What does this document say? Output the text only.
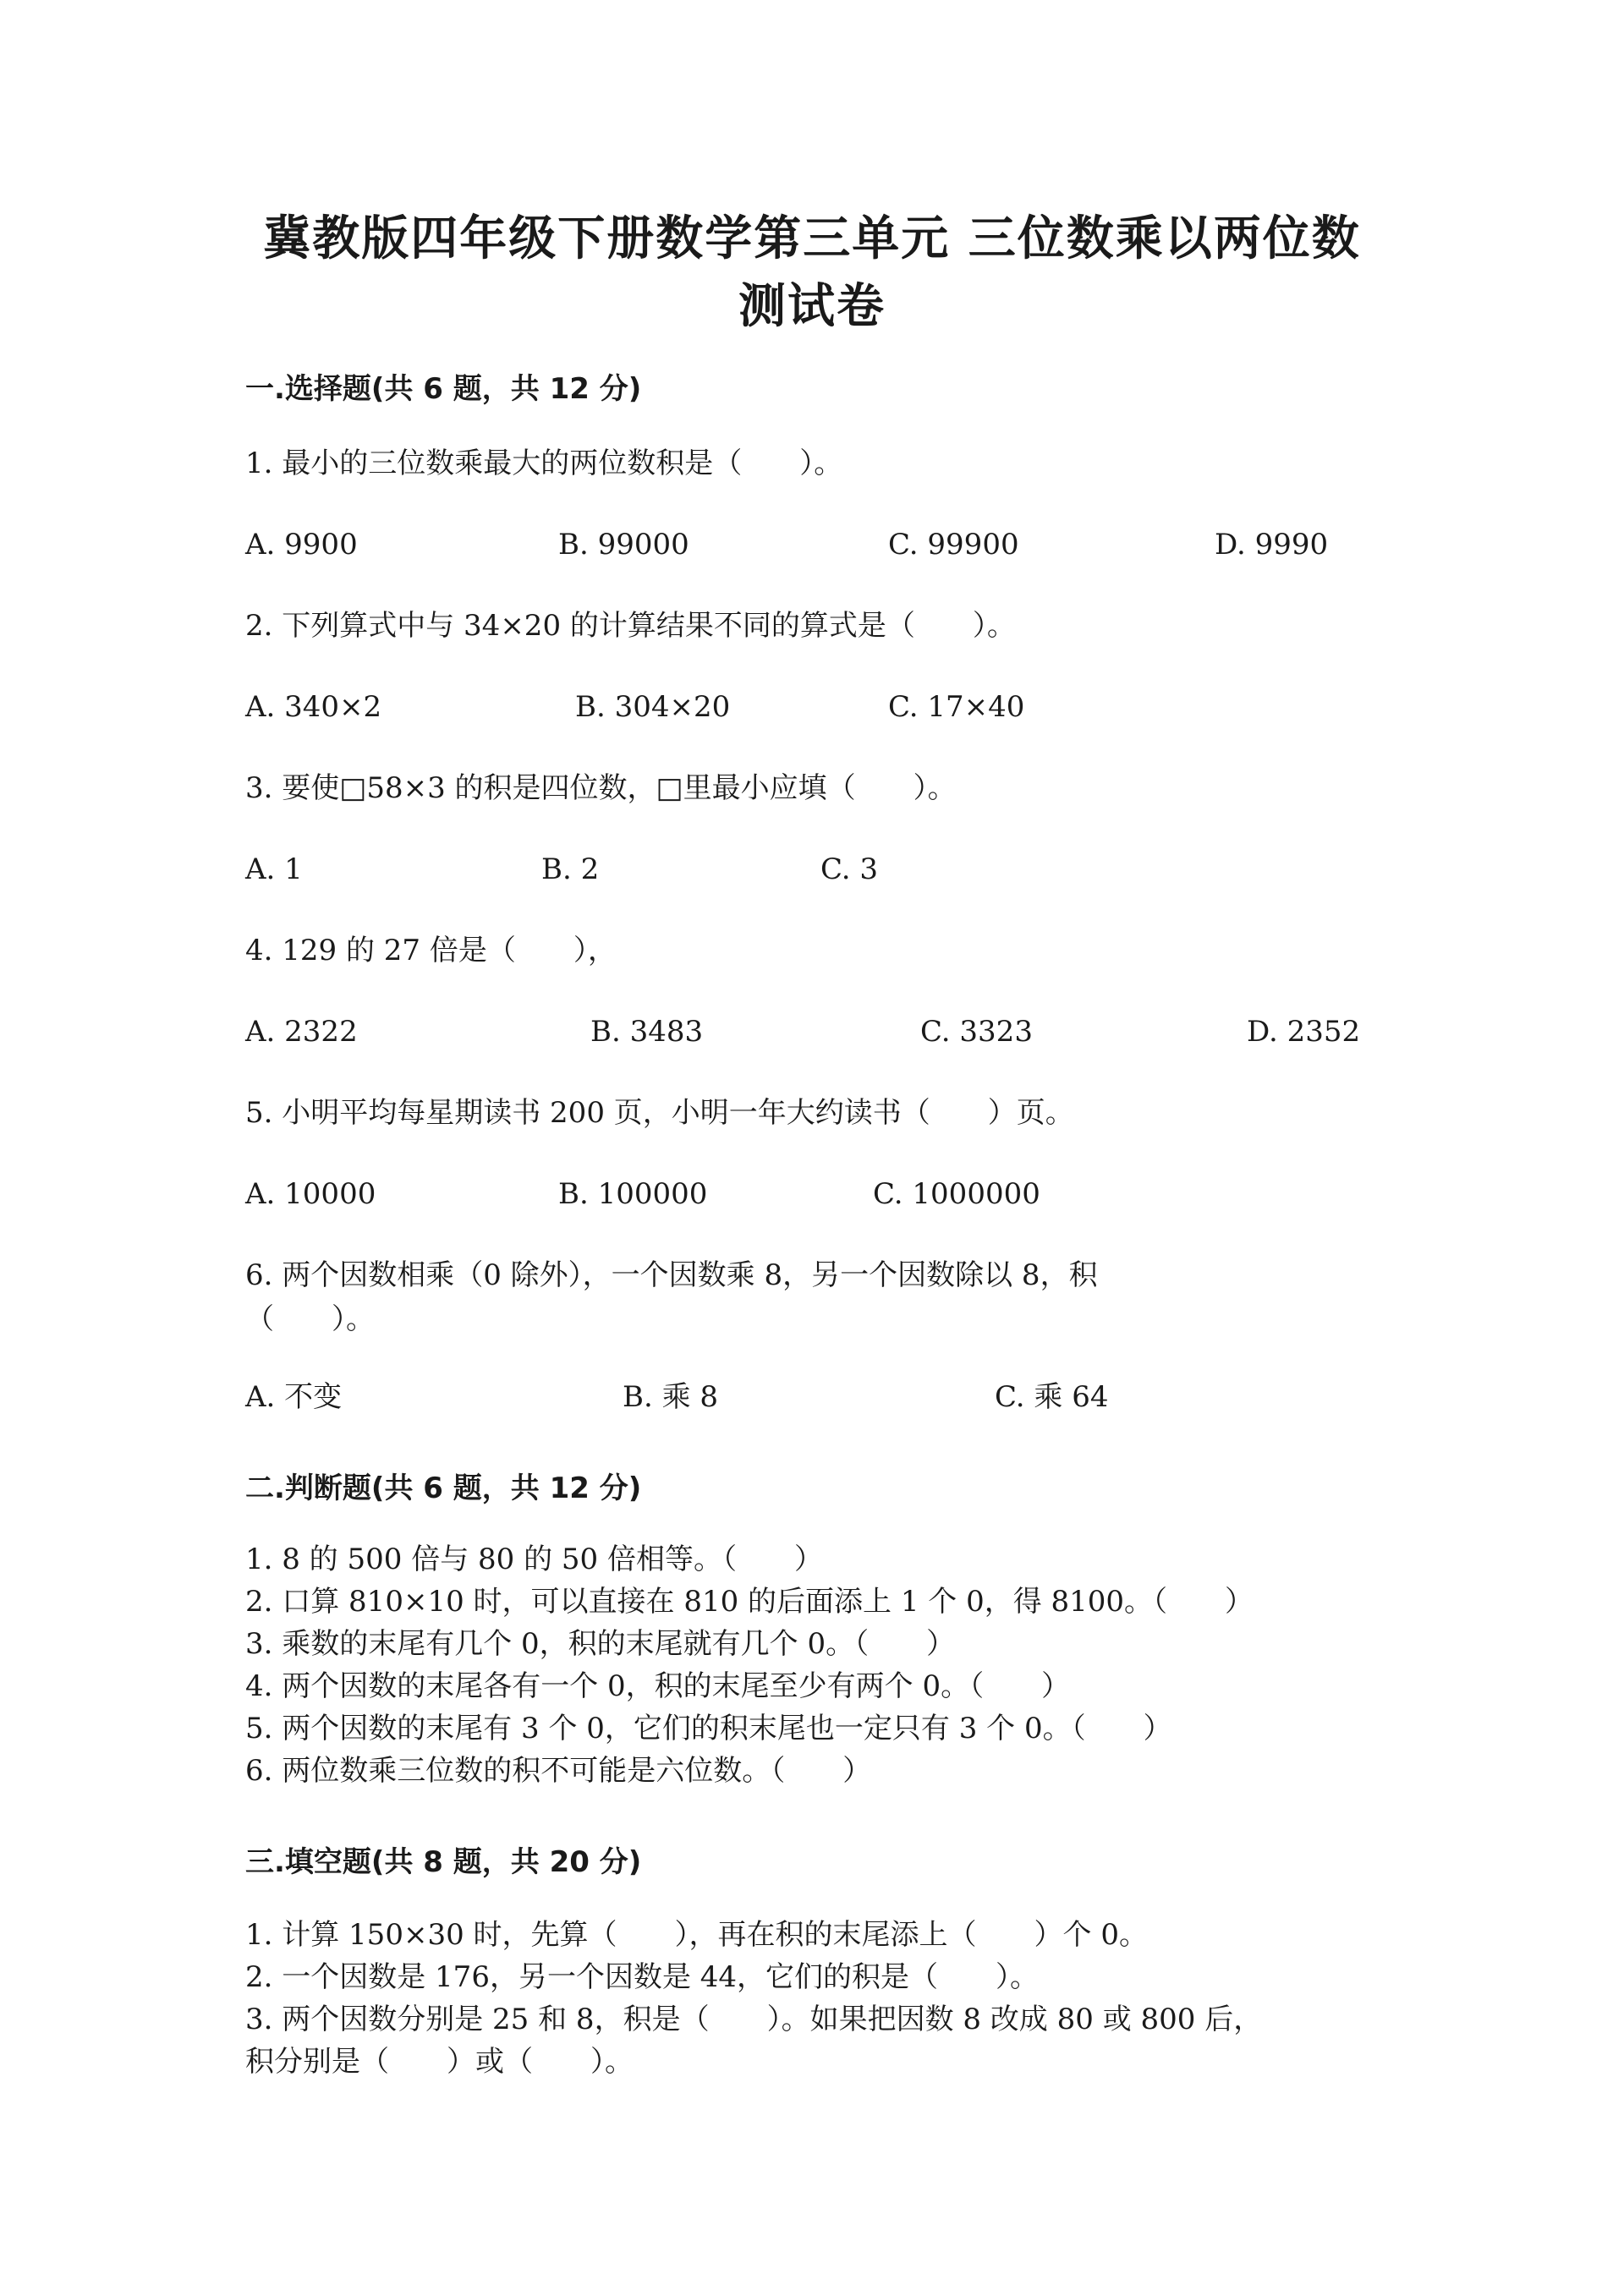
冀教版四年级下册数学第三单元 三位数乘以两位数
测试卷
一.选择题(共 6 题，共 12 分)
1. 最小的三位数乘最大的两位数积是（　　）。
A. 9900	B. 99000	C. 99900	D. 9990
2. 下列算式中与 34×20 的计算结果不同的算式是（　　）。
A. 340×2	B. 304×20	C. 17×40
3. 要使□58×3 的积是四位数，□里最小应填（　　）。
A. 1	B. 2	C. 3
4. 129 的 27 倍是（　　），
A. 2322	B. 3483	C. 3323	D. 2352
5. 小明平均每星期读书 200 页，小明一年大约读书（　　）页。
A. 10000	B. 100000	C. 1000000
6. 两个因数相乘（0 除外），一个因数乘 8，另一个因数除以 8，积
（　　）。
A. 不变	B. 乘 8	C. 乘 64
二.判断题(共 6 题，共 12 分)
1. 8 的 500 倍与 80 的 50 倍相等。（　　）
2. 口算 810×10 时，可以直接在 810 的后面添上 1 个 0，得 8100。（　　）
3. 乘数的末尾有几个 0，积的末尾就有几个 0。（　　）
4. 两个因数的末尾各有一个 0，积的末尾至少有两个 0。（　　）
5. 两个因数的末尾有 3 个 0，它们的积末尾也一定只有 3 个 0。（　　）
6. 两位数乘三位数的积不可能是六位数。（　　）
三.填空题(共 8 题，共 20 分)
1. 计算 150×30 时，先算（　　），再在积的末尾添上（　　）个 0。
2. 一个因数是 176，另一个因数是 44，它们的积是（　　）。
3. 两个因数分别是 25 和 8，积是（　　）。如果把因数 8 改成 80 或 800 后，
积分别是（　　）或（　　）。
